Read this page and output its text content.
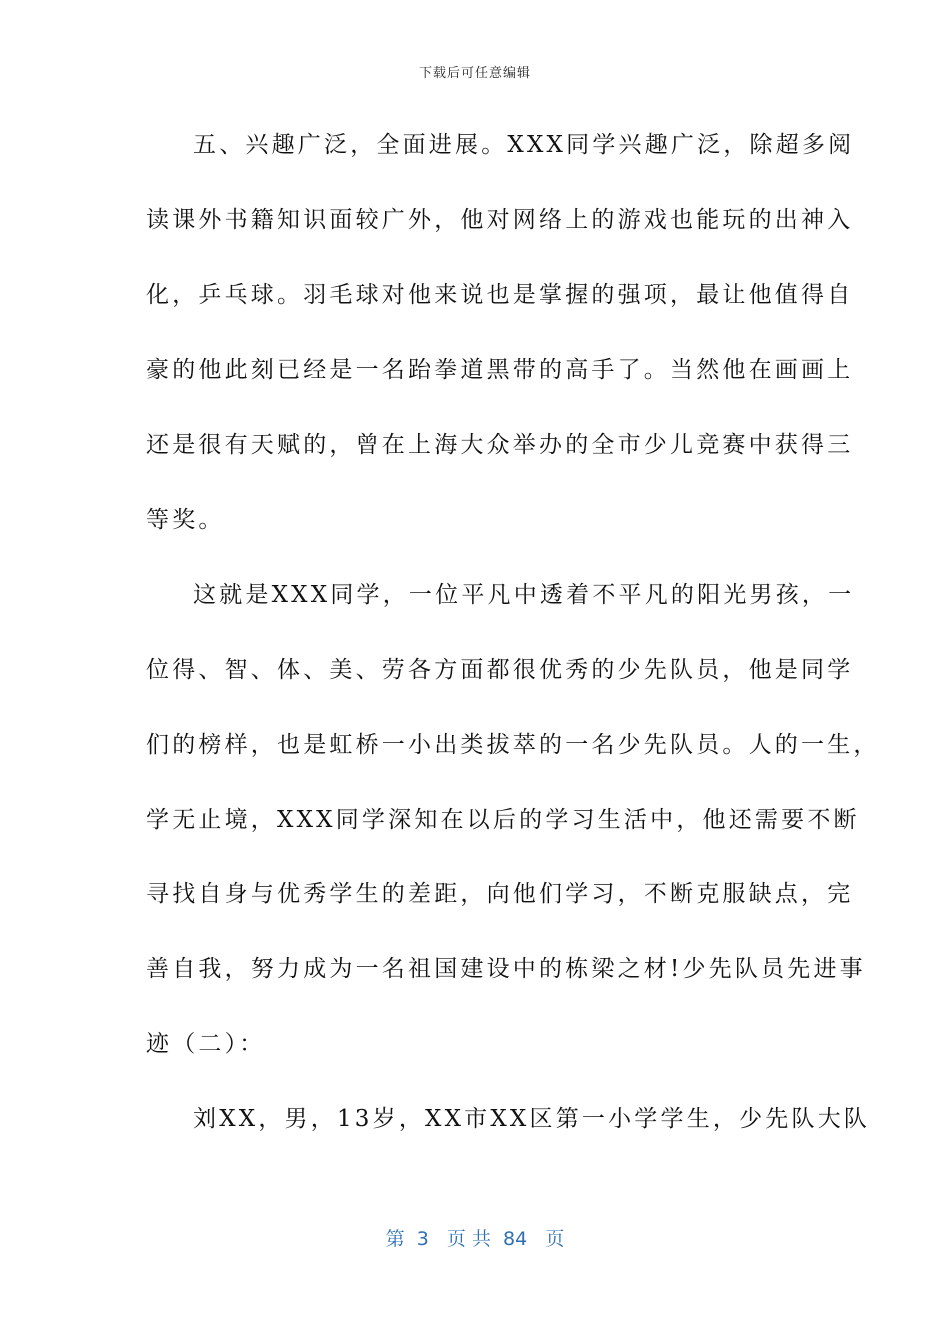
下载后可任意编辑
五、兴趣广泛，全面进展。XXX同学兴趣广泛，除超多阅
读课外书籍知识面较广外，他对网络上的游戏也能玩的出神入
化，乒乓球。羽毛球对他来说也是掌握的强项，最让他值得自
豪的他此刻已经是一名跆拳道黑带的高手了。当然他在画画上
还是很有天赋的，曾在上海大众举办的全市少儿竞赛中获得三
等奖。
这就是XXX同学，一位平凡中透着不平凡的阳光男孩，一
位得、智、体、美、劳各方面都很优秀的少先队员，他是同学
们的榜样，也是虹桥一小出类拔萃的一名少先队员。人的一生，
学无止境，XXX同学深知在以后的学习生活中，他还需要不断
寻找自身与优秀学生的差距，向他们学习，不断克服缺点，完
善自我，努力成为一名祖国建设中的栋梁之材!少先队员先进事
迹（二）：
刘XX，男，13岁，XX市XX区第一小学学生，少先队大队
第  3   页 共  84   页
